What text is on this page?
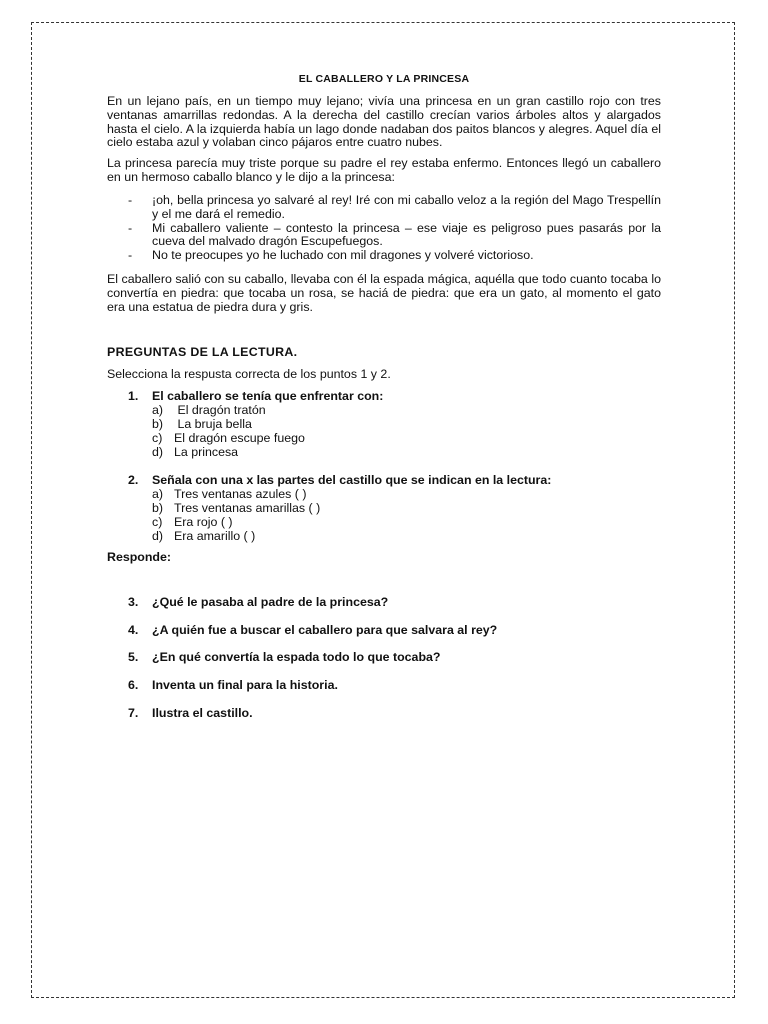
EL CABALLERO Y LA PRINCESA

En un lejano país, en un tiempo muy lejano; vivía una princesa en un gran castillo rojo con tres ventanas amarrillas redondas. A la derecha del castillo crecían varios árboles altos y alargados hasta el cielo. A la izquierda había un lago donde nadaban dos paitos blancos y alegres. Aquel día el cielo estaba azul y volaban cinco pájaros entre cuatro nubes.

La princesa parecía muy triste porque su padre el rey estaba enfermo. Entonces llegó un caballero en un hermoso caballo blanco y le dijo a la princesa:

- ¡oh, bella princesa yo salvaré al rey! Iré con mi caballo veloz a la región del Mago Trespellín y el me dará el remedio.
- Mi caballero valiente – contesto la princesa – ese viaje es peligroso pues pasarás por la cueva del malvado dragón Escupefuegos.
- No te preocupes yo he luchado con mil dragones y volveré victorioso.

El caballero salió con su caballo, llevaba con él la espada mágica, aquélla que todo cuanto tocaba lo convertía en piedra: que tocaba un rosa, se haciá de piedra: que era un gato, al momento el gato era una estatua de piedra dura y gris.

PREGUNTAS DE LA LECTURA.
Selecciona la respusta correcta de los puntos 1 y 2.
1. El caballero se tenía que enfrentar con:
a) El dragón tratón
b) La bruja bella
c) El dragón escupe fuego
d) La princesa
2. Señala con una x las partes del castillo que se indican en la lectura:
a) Tres ventanas azules ( )
b) Tres ventanas amarillas ( )
c) Era rojo ( )
d) Era amarillo ( )
Responde:
3. ¿Qué le pasaba al padre de la princesa?
4. ¿A quién fue a buscar el caballero para que salvara al rey?
5. ¿En qué convertía la espada todo lo que tocaba?
6. Inventa un final para la historia.
7. Ilustra el castillo.
